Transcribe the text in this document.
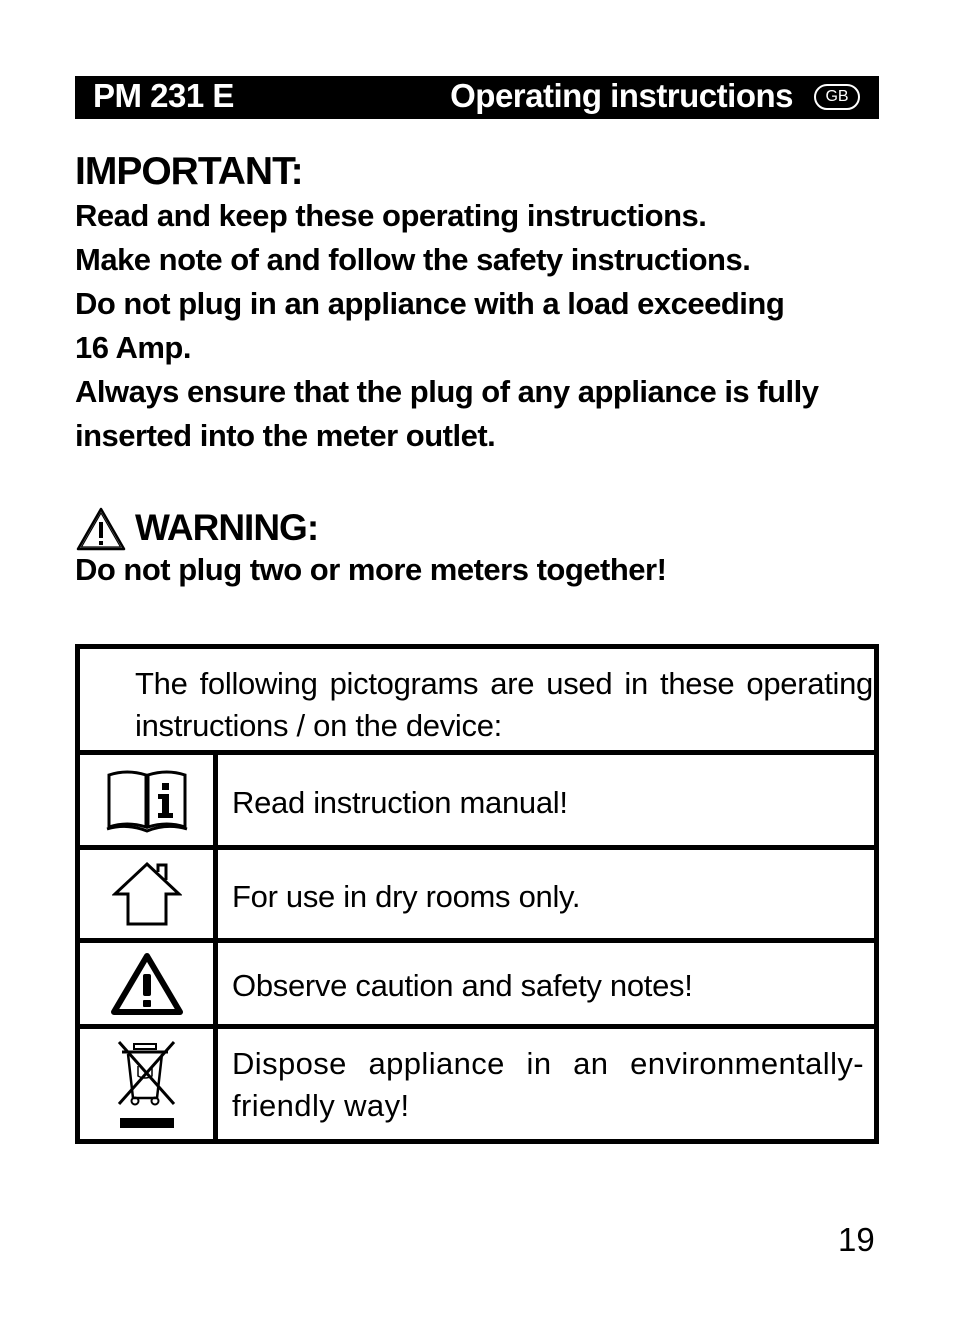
PM 231 E	Operating instructions	GB
IMPORTANT:
Read and keep these operating instructions.
Make note of and follow the safety instructions.
Do not plug in an appliance with a load exceeding
16 Amp.
Always ensure that the plug of any appliance is fully
inserted into the meter outlet.
WARNING:
Do not plug two or more meters together!
The following pictograms are used in these operating instructions / on the device:
Read instruction manual!
For use in dry rooms only.
Observe caution and safety notes!
Dispose appliance in an environmentally-friendly way!
19
